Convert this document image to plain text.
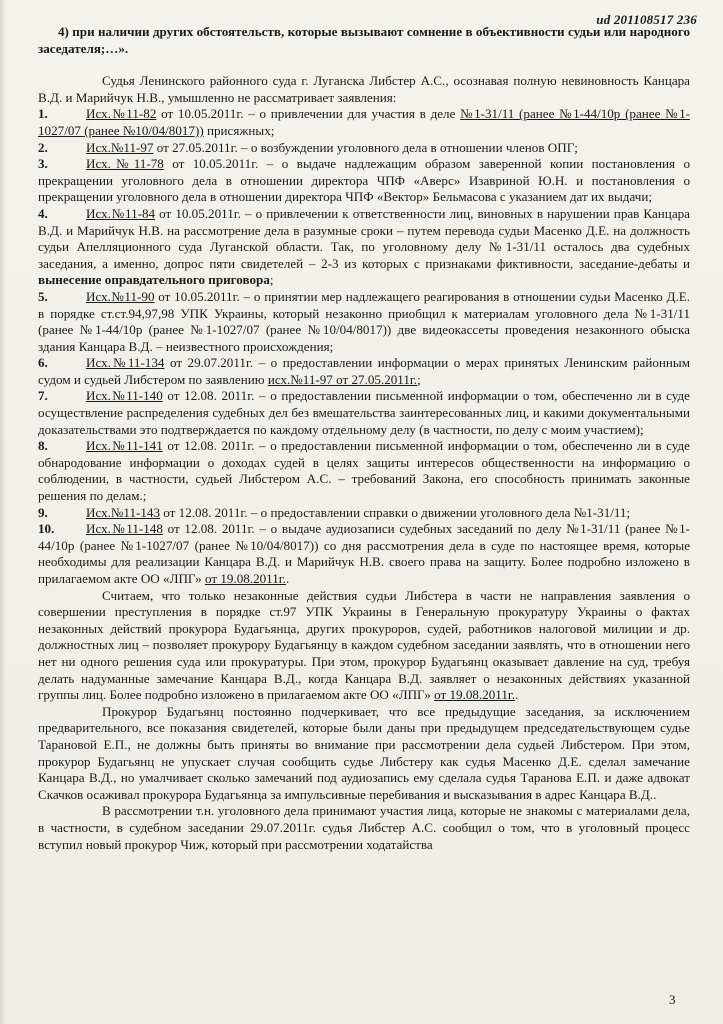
ud 201108517 236

4) при наличии других обстоятельств, которые вызывают сомнение в объективности судьи или народного заседателя;…».

Судья Ленинского районного суда г. Луганска Либстер А.С., осознавая полную невиновность Канцара В.Д. и Марийчук Н.В., умышленно не рассматривает заявления:

1.	Исх.№11-82 от 10.05.2011г. – о привлечении для участия в деле №1-31/11 (ранее №1-44/10р (ранее №1-1027/07 (ранее №10/04/8017)) присяжных;

2.	Исх.№11-97 от 27.05.2011г. – о возбуждении уголовного дела в отношении членов ОПГ;

3.	Исх.№11-78 от 10.05.2011г. – о выдаче надлежащим образом заверенной копии постановления о прекращении уголовного дела в отношении директора ЧПФ «Аверс» Изавриной Ю.Н. и постановления о прекращении уголовного дела в отношении директора ЧПФ «Вектор» Бельмасова с указанием дат их выдачи;

4.	Исх.№11-84 от 10.05.2011г. – о привлечении к ответственности лиц, виновных в нарушении прав Канцара В.Д. и Марийчук Н.В. на рассмотрение дела в разумные сроки – путем перевода судьи Масенко Д.Е. на должность судьи Апелляционного суда Луганской области. Так, по уголовному делу №1-31/11 осталось два судебных заседания, а именно, допрос пяти свидетелей – 2-3 из которых с признаками фиктивности, заседание-дебаты и вынесение оправдательного приговора;

5.	Исх.№11-90 от 10.05.2011г. – о принятии мер надлежащего реагирования в отношении судьи Масенко Д.Е. в порядке ст.ст.94,97,98 УПК Украины, который незаконно приобщил к материалам уголовного дела №1-31/11 (ранее №1-44/10р (ранее №1-1027/07 (ранее №10/04/8017)) две видеокассеты проведения незаконного обыска здания Канцара В.Д. – неизвестного происхождения;

6.	Исх.№11-134 от 29.07.2011г. – о предоставлении информации о мерах принятых Ленинским районным судом и судьей Либстером по заявлению исх.№11-97 от 27.05.2011г.;

7.	Исх.№11-140 от 12.08. 2011г. – о предоставлении письменной информации о том, обеспеченно ли в суде осуществление распределения судебных дел без вмешательства заинтересованных лиц, и какими документальными доказательствами это подтверждается по каждому отдельному делу (в частности, по делу с моим участием);

8.	Исх.№11-141 от 12.08. 2011г. – о предоставлении письменной информации о том, обеспеченно ли в суде обнародование информации о доходах судей в целях защиты интересов общественности на информацию о соблюдении, в частности, судьей Либстером А.С. – требований Закона, его способность принимать законные решения по делам.;

9.	Исх.№11-143 от 12.08. 2011г. – о предоставлении справки о движении уголовного дела №1-31/11;

10. Исх.№11-148 от 12.08. 2011г. – о выдаче аудиозаписи судебных заседаний по делу №1-31/11 (ранее №1-44/10р (ранее №1-1027/07 (ранее №10/04/8017)) со дня рассмотрения дела в суде по настоящее время, которые необходимы для реализации Канцара В.Д. и Марийчук Н.В. своего права на защиту. Более подробно изложено в прилагаемом акте ОО «ЛПГ» от 19.08.2011г..

Считаем, что только незаконные действия судьи Либстера в части не направления заявления о совершении преступления в порядке ст.97 УПК Украины в Генеральную прокуратуру Украины о фактах незаконных действий прокурора Будагьянца, других прокуроров, судей, работников налоговой милиции и др. должностных лиц – позволяет прокурору Будагьянцу в каждом судебном заседании заявлять, что в отношении него нет ни одного решения суда или прокуратуры. При этом, прокурор Будагьянц оказывает давление на суд, требуя делать надуманные замечание Канцара В.Д., когда Канцара В.Д. заявляет о незаконных действиях указанной группы лиц. Более подробно изложено в прилагаемом акте ОО «ЛПГ» от 19.08.2011г..

Прокурор Будагьянц постоянно подчеркивает, что все предыдущие заседания, за исключением предварительного, все показания свидетелей, которые были даны при предыдущем председательствующем судье Тарановой Е.П., не должны быть приняты во внимание при рассмотрении дела судьей Либстером. При этом, прокурор Будагьянц не упускает случая сообщить судье Либстеру как судья Масенко Д.Е. сделал замечание Канцара В.Д., но умалчивает сколько замечаний под аудиозапись ему сделала судья Таранова Е.П. и даже адвокат Скачков осаживал прокурора Будагьянца за импульсивные перебивания и высказывания в адрес Канцара В.Д..

В рассмотрении т.н. уголовного дела принимают участия лица, которые не знакомы с материалами дела, в частности, в судебном заседании 29.07.2011г. судья Либстер А.С. сообщил о том, что в уголовный процесс вступил новый прокурор Чиж, который при рассмотрении ходатайства

3
